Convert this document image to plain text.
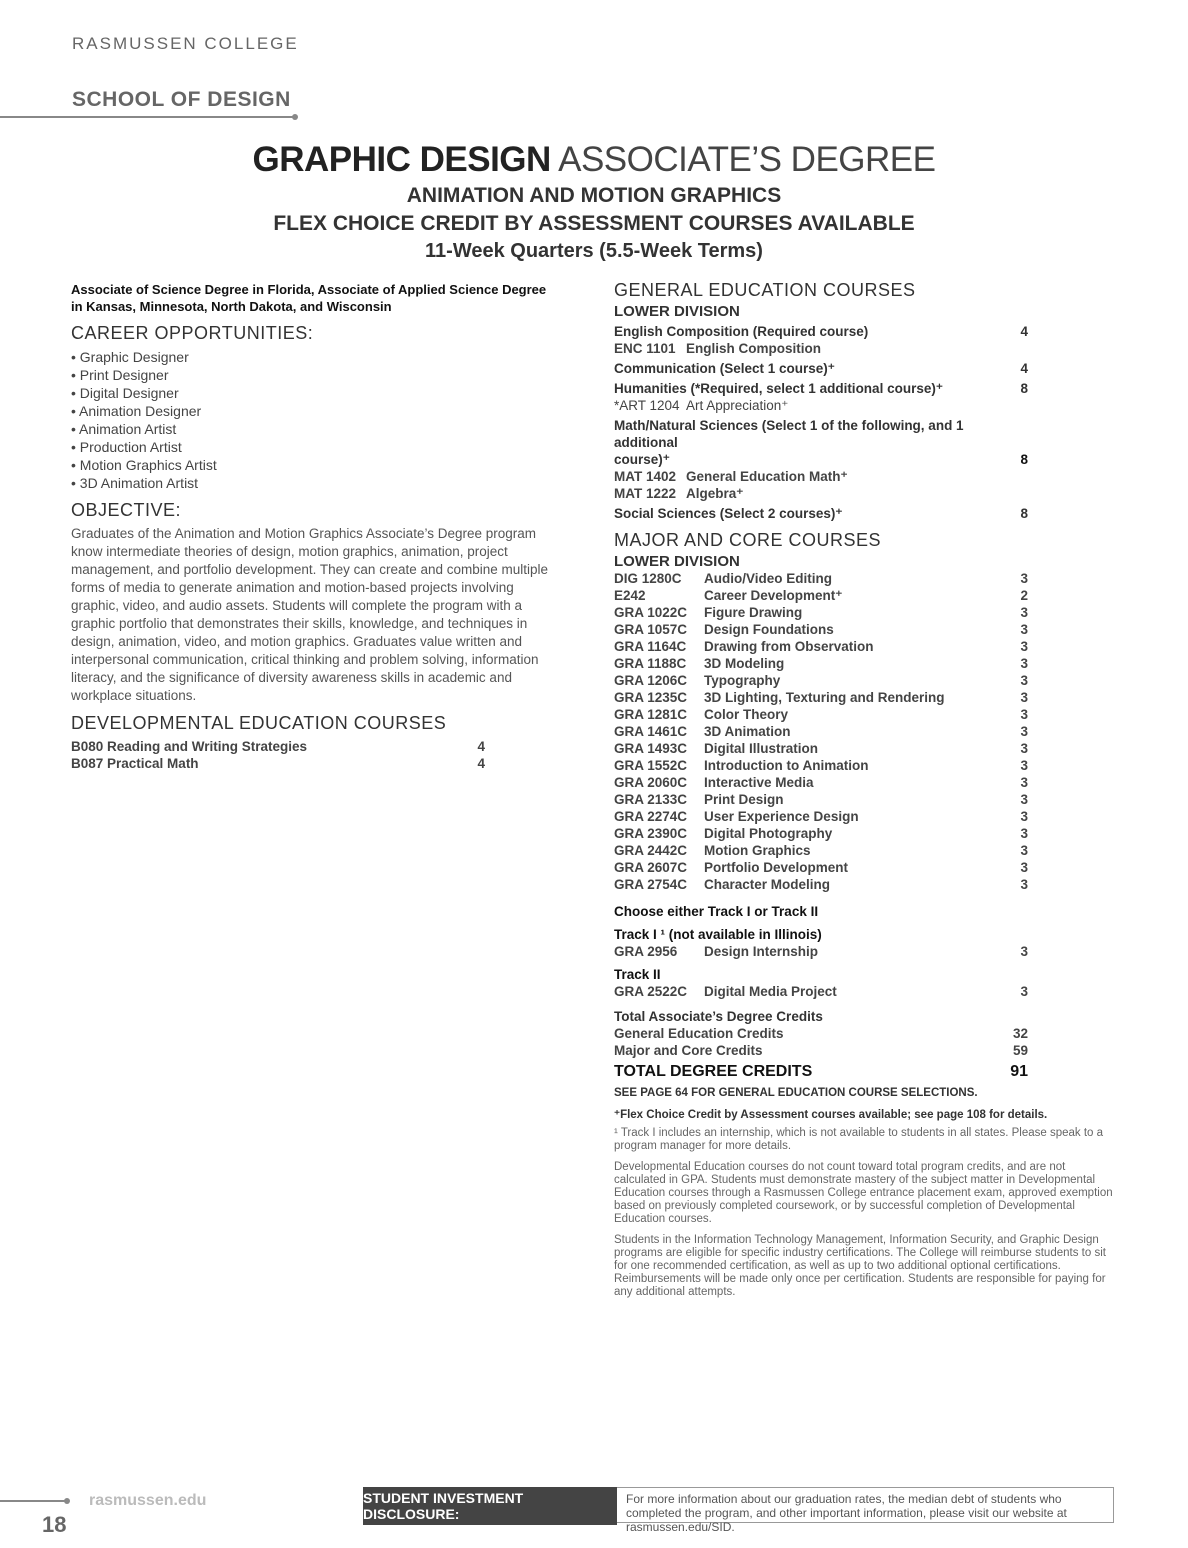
RASMUSSEN COLLEGE
SCHOOL OF DESIGN
GRAPHIC DESIGN ASSOCIATE’S DEGREE
ANIMATION AND MOTION GRAPHICS
FLEX CHOICE CREDIT BY ASSESSMENT COURSES AVAILABLE
11-Week Quarters (5.5-Week Terms)
Associate of Science Degree in Florida, Associate of Applied Science Degree in Kansas, Minnesota, North Dakota, and Wisconsin
CAREER OPPORTUNITIES:
• Graphic Designer
• Print Designer
• Digital Designer
• Animation Designer
• Animation Artist
• Production Artist
• Motion Graphics Artist
• 3D Animation Artist
OBJECTIVE:
Graduates of the Animation and Motion Graphics Associate’s Degree program know intermediate theories of design, motion graphics, animation, project management, and portfolio development. They can create and combine multiple forms of media to generate animation and motion-based projects involving graphic, video, and audio assets. Students will complete the program with a graphic portfolio that demonstrates their skills, knowledge, and techniques in design, animation, video, and motion graphics. Graduates value written and interpersonal communication, critical thinking and problem solving, information literacy, and the significance of diversity awareness skills in academic and workplace situations.
DEVELOPMENTAL EDUCATION COURSES
B080 Reading and Writing Strategies	4
B087 Practical Math	4
GENERAL EDUCATION COURSES
LOWER DIVISION
English Composition (Required course)	4
ENC 1101 English Composition
Communication (Select 1 course)⁺	4
Humanities (*Required, select 1 additional course)⁺	8
*ART 1204 Art Appreciation⁺
Math/Natural Sciences (Select 1 of the following, and 1 additional
course)⁺	8
MAT 1402 General Education Math⁺
MAT 1222 Algebra⁺
Social Sciences (Select 2 courses)⁺	8
MAJOR AND CORE COURSES
LOWER DIVISION
DIG 1280C	Audio/Video Editing	3
E242	Career Development⁺	2
GRA 1022C	Figure Drawing	3
GRA 1057C	Design Foundations	3
GRA 1164C	Drawing from Observation	3
GRA 1188C	3D Modeling	3
GRA 1206C	Typography	3
GRA 1235C	3D Lighting, Texturing and Rendering	3
GRA 1281C	Color Theory	3
GRA 1461C	3D Animation	3
GRA 1493C	Digital Illustration	3
GRA 1552C	Introduction to Animation	3
GRA 2060C	Interactive Media	3
GRA 2133C	Print Design	3
GRA 2274C	User Experience Design	3
GRA 2390C	Digital Photography	3
GRA 2442C	Motion Graphics	3
GRA 2607C	Portfolio Development	3
GRA 2754C	Character Modeling	3
Choose either Track I or Track II
Track I ¹ (not available in Illinois)
GRA 2956	Design Internship	3
Track II
GRA 2522C	Digital Media Project	3
Total Associate’s Degree Credits
General Education Credits	32
Major and Core Credits	59
TOTAL DEGREE CREDITS	91
SEE PAGE 64 FOR GENERAL EDUCATION COURSE SELECTIONS.
⁺Flex Choice Credit by Assessment courses available; see page 108 for details.
¹ Track I includes an internship, which is not available to students in all states. Please speak to a program manager for more details.
Developmental Education courses do not count toward total program credits, and are not calculated in GPA. Students must demonstrate mastery of the subject matter in Developmental Education courses through a Rasmussen College entrance placement exam, approved exemption based on previously completed coursework, or by successful completion of Developmental Education courses.
Students in the Information Technology Management, Information Security, and Graphic Design programs are eligible for specific industry certifications. The College will reimburse students to sit for one recommended certification, as well as up to two additional optional certifications. Reimbursements will be made only once per certification. Students are responsible for paying for any additional attempts.
rasmussen.edu
18
STUDENT INVESTMENT DISCLOSURE:
For more information about our graduation rates, the median debt of students who completed the program, and other important information, please visit our website at rasmussen.edu/SID.
